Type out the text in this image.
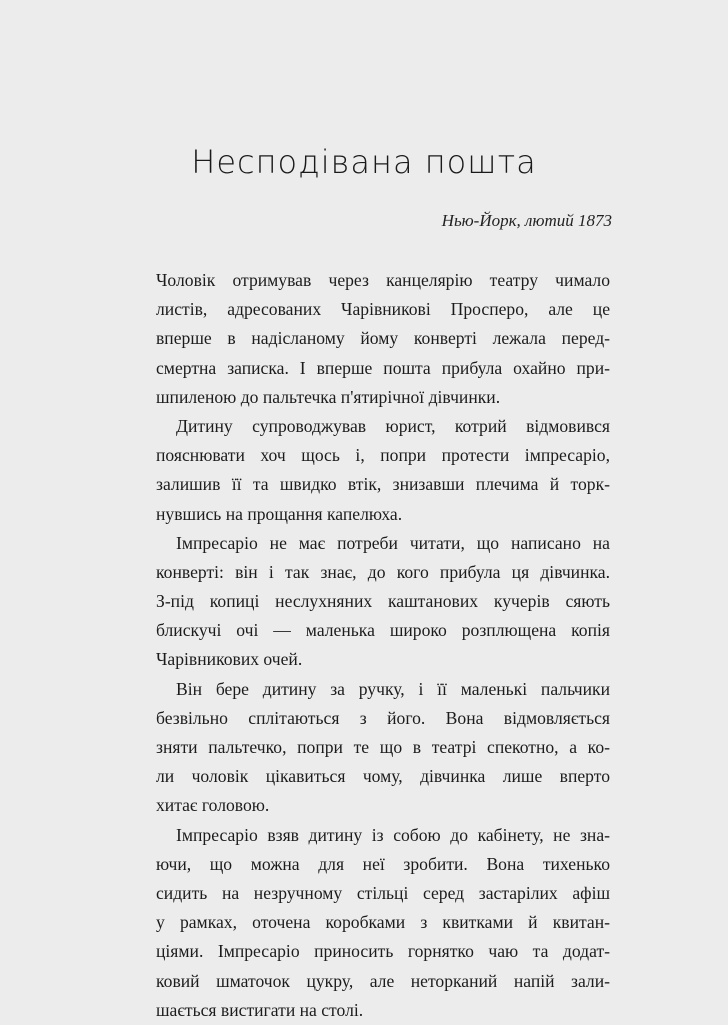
Несподівана пошта

Нью-Йорк, лютий 1873

Чоловік отримував через канцелярію театру чимало
листів, адресованих Чарівникові Просперо, але це
вперше в надісланому йому конверті лежала перед-
смертна записка. І вперше пошта прибула охайно при-
шпиленою до пальтечка п'ятирічної дівчинки.
Дитину супроводжував юрист, котрий відмовився
пояснювати хоч щось і, попри протести імпресаріо,
залишив її та швидко втік, знизавши плечима й торк-
нувшись на прощання капелюха.
Імпресаріо не має потреби читати, що написано на
конверті: він і так знає, до кого прибула ця дівчинка.
З-під копиці неслухняних каштанових кучерів сяють
блискучі очі — маленька широко розплющена копія
Чарівникових очей.
Він бере дитину за ручку, і її маленькі пальчики
безвільно сплітаються з його. Вона відмовляється
зняти пальтечко, попри те що в театрі спекотно, а ко-
ли чоловік цікавиться чому, дівчинка лише вперто
хитає головою.
Імпресаріо взяв дитину із собою до кабінету, не зна-
ючи, що можна для неї зробити. Вона тихенько
сидить на незручному стільці серед застарілих афіш
у рамках, оточена коробками з квитками й квитан-
ціями. Імпресаріо приносить горнятко чаю та додат-
ковий шматочок цукру, але неторканий напій зали-
шається вистигати на столі.
